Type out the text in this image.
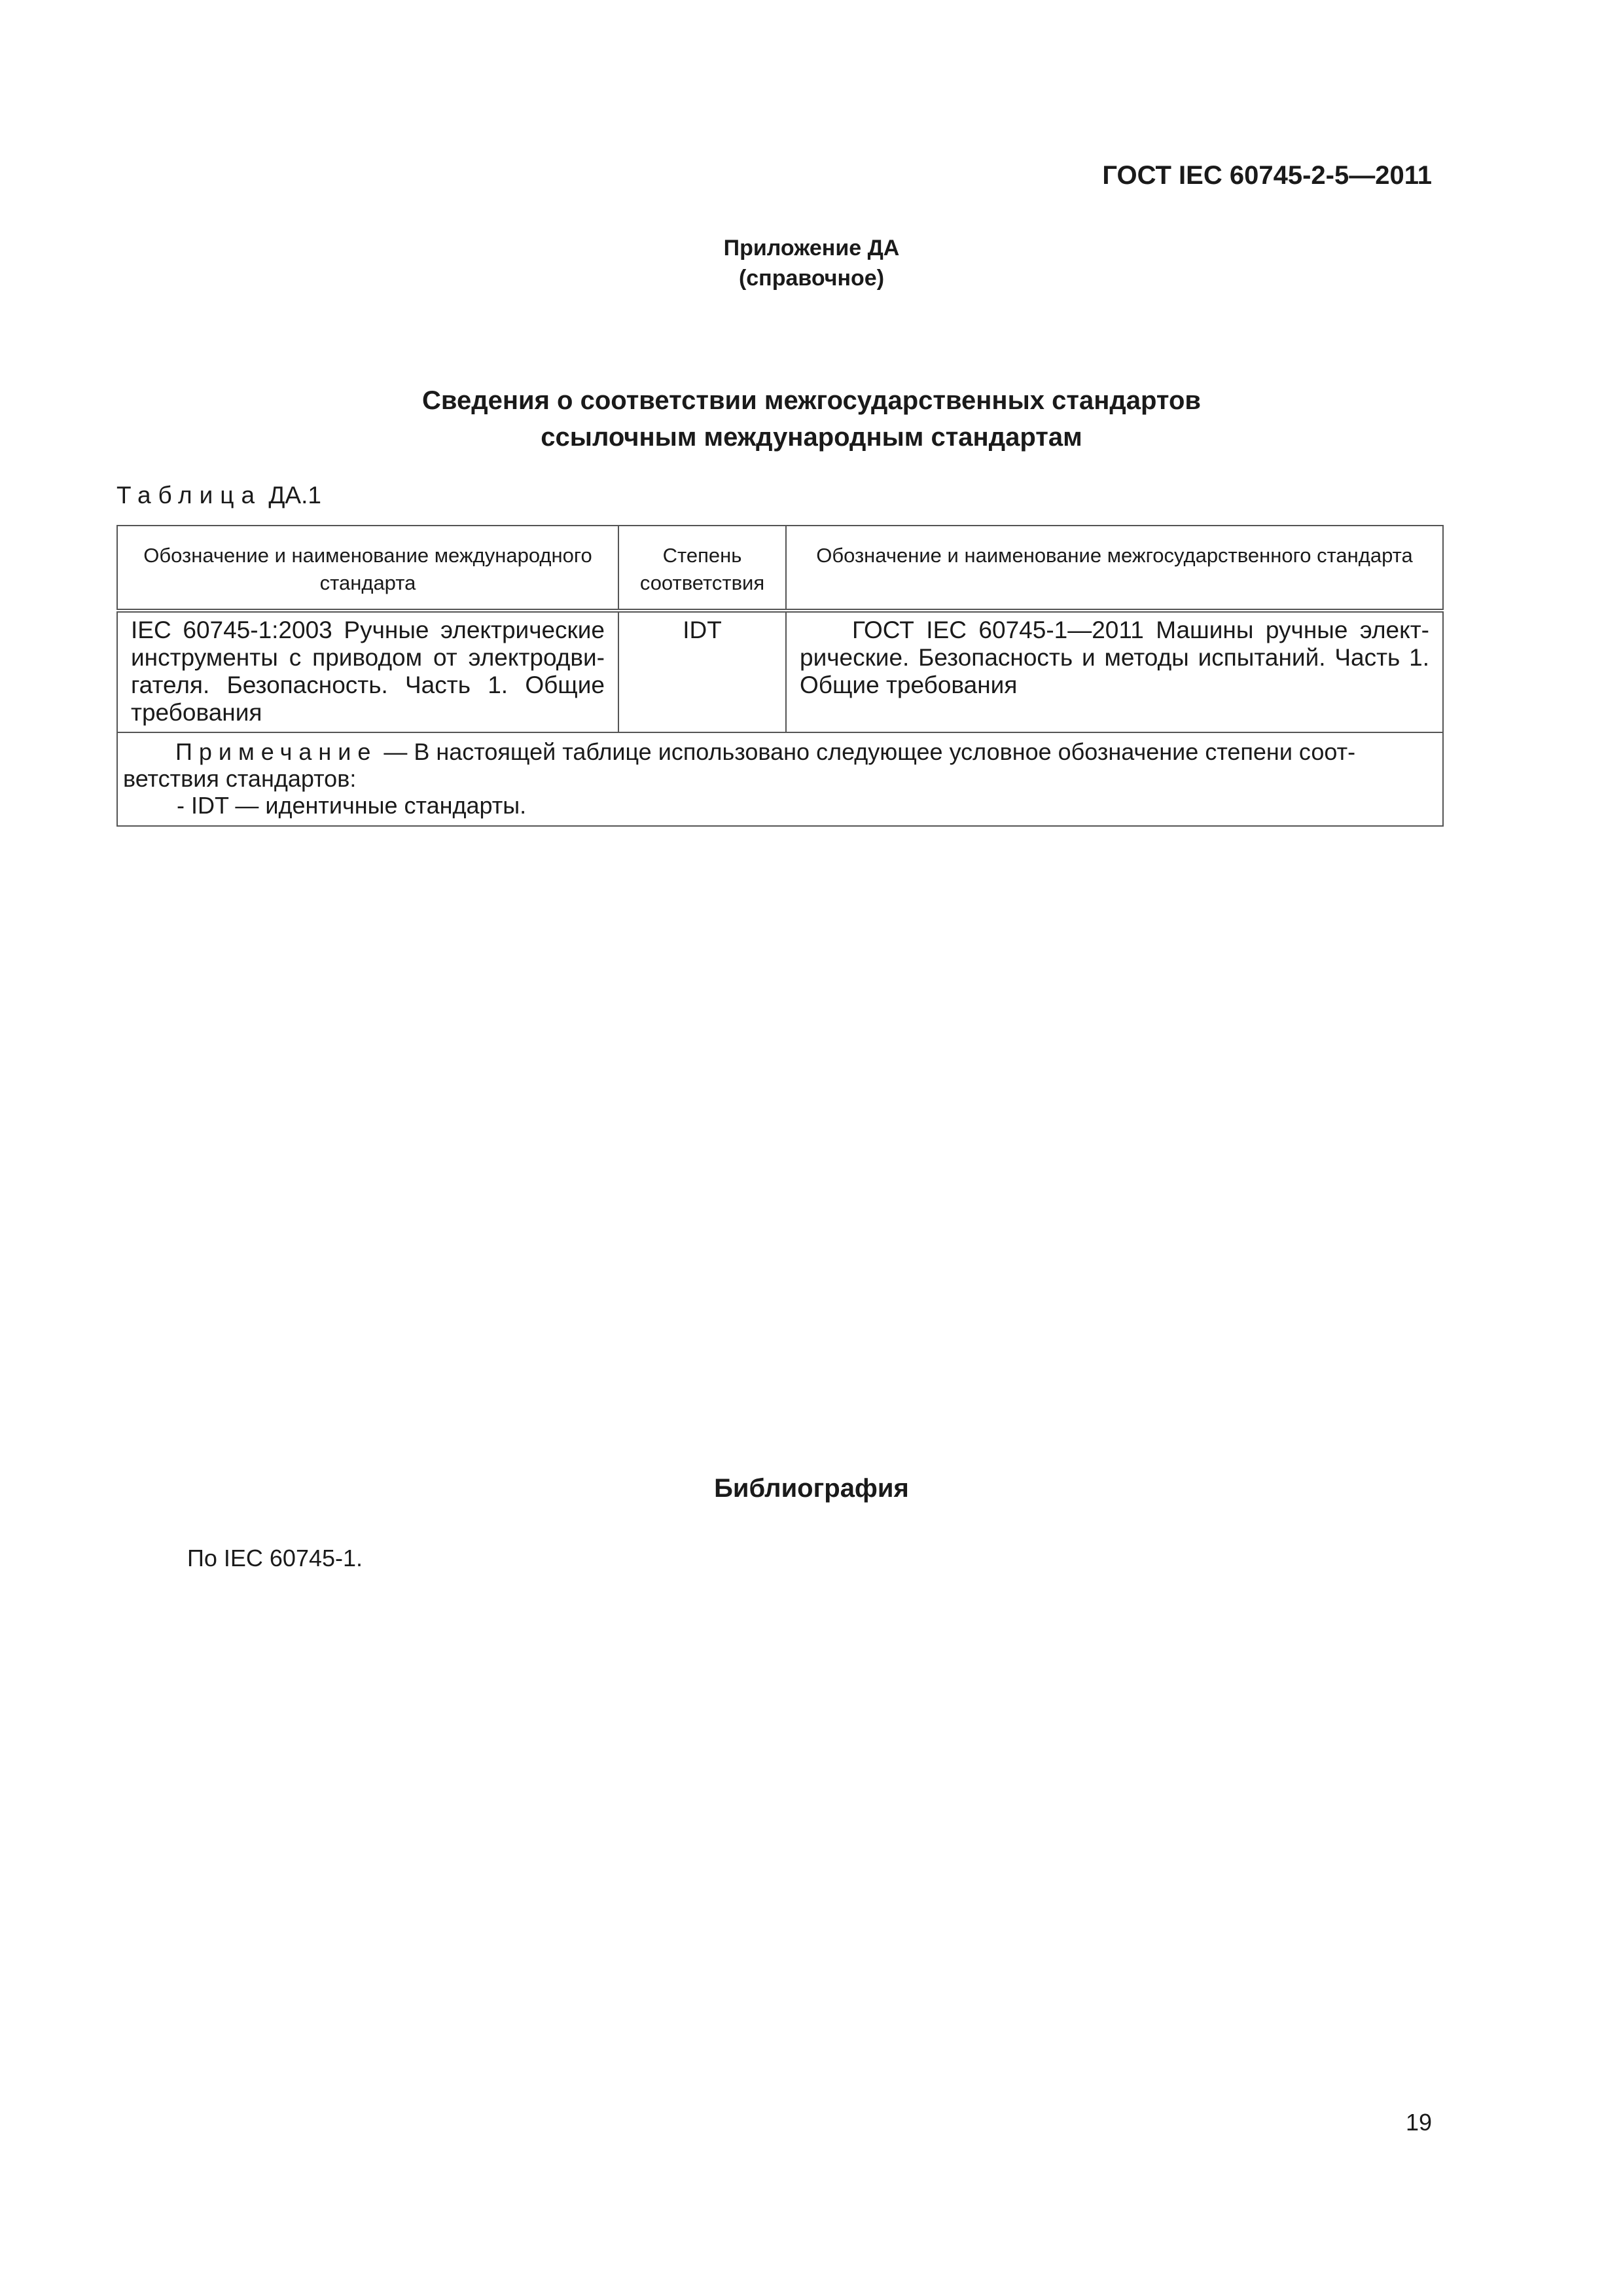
ГОСТ IEC 60745-2-5—2011
Приложение ДА
(справочное)
Сведения о соответствии межгосударственных стандартов
ссылочным международным стандартам
Таблица ДА.1
Обозначение и наименование международного стандарта	Степень соответствия	Обозначение и наименование межгосударственного стандарта
IEC 60745-1:2003 Ручные электрические инструменты с приводом от электродви-гателя. Безопасность. Часть 1. Общие требования	IDT	ГОСТ IEC 60745-1—2011 Машины ручные элект-рические. Безопасность и методы испытаний. Часть 1. Общие требования

Примечание — В настоящей таблице использовано следующее условное обозначение степени соот-ветствия стандартов:
- IDT — идентичные стандарты.		
Библиография
По IEC 60745-1.
19
